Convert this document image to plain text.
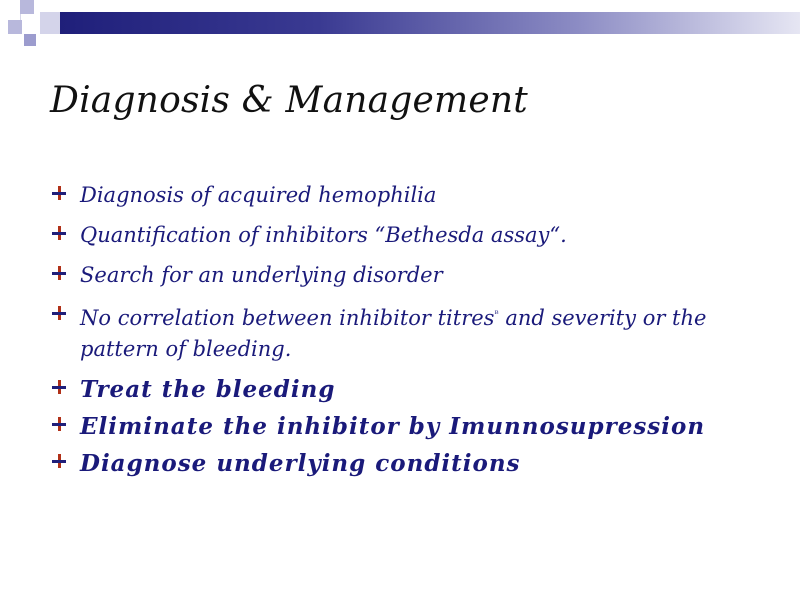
Diagnosis & Management
Diagnosis of acquired hemophilia
Quantification of inhibitors “Bethesda assay“.
Search for an underlying disorder
No correlation between inhibitor titresᴮ and severity or the pattern of bleeding.
Treat the bleeding
Eliminate the inhibitor by Imunnosupression
Diagnose underlying conditions
